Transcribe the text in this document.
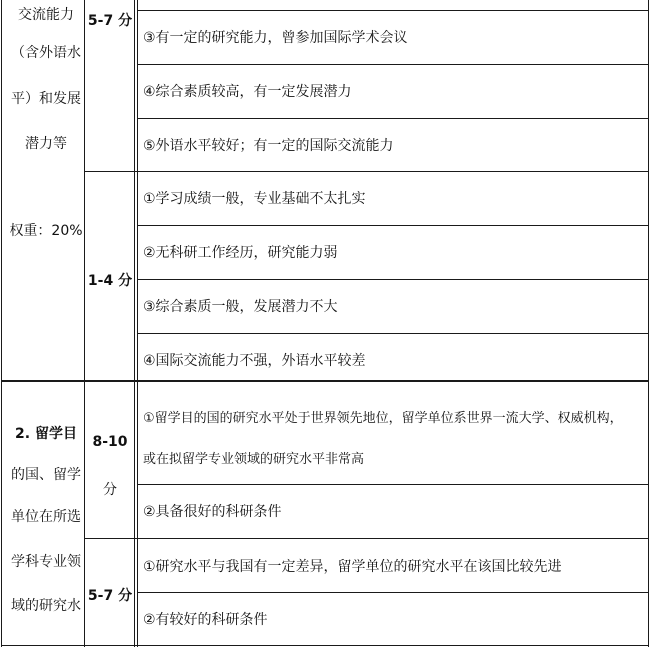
交流能力
（含外语水
平）和发展
潜力等
权重：20%
2. 留学目
的国、留学
单位在所选
学科专业领
域的研究水
5-7 分
1-4 分
8-10
分
5-7 分
③有一定的研究能力，曾参加国际学术会议
④综合素质较高，有一定发展潜力
⑤外语水平较好；有一定的国际交流能力
①学习成绩一般，专业基础不太扎实
②无科研工作经历，研究能力弱
③综合素质一般，发展潜力不大
④国际交流能力不强，外语水平较差
①留学目的国的研究水平处于世界领先地位，留学单位系世界一流大学、权威机构，
或在拟留学专业领域的研究水平非常高
②具备很好的科研条件
①研究水平与我国有一定差异，留学单位的研究水平在该国比较先进
②有较好的科研条件
